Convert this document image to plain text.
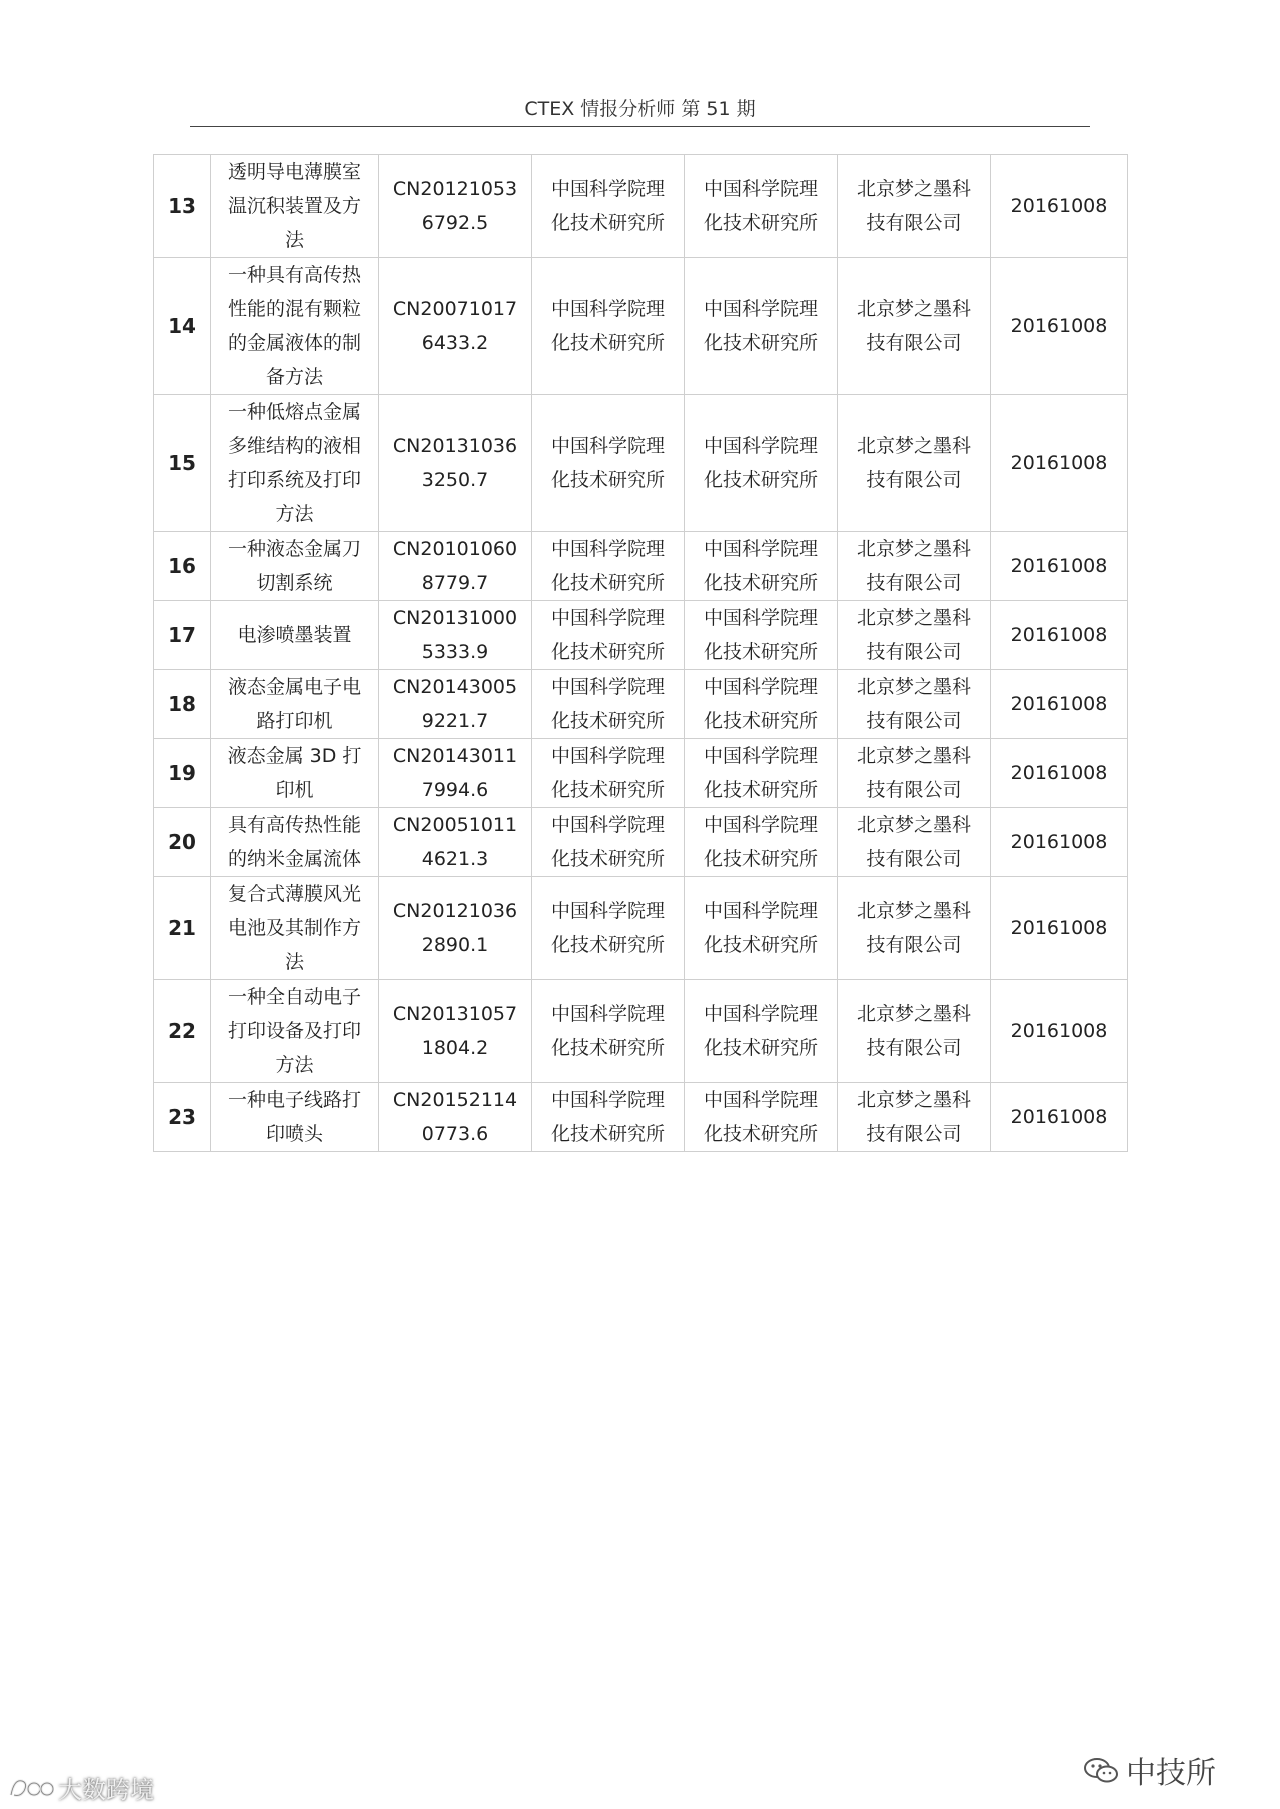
CTEX 情报分析师 第 51 期
13	透明导电薄膜室温沉积装置及方法	CN201210536792.5	中国科学院理化技术研究所	中国科学院理化技术研究所	北京梦之墨科技有限公司	20161008
14	一种具有高传热性能的混有颗粒的金属液体的制备方法	CN200710176433.2	中国科学院理化技术研究所	中国科学院理化技术研究所	北京梦之墨科技有限公司	20161008
15	一种低熔点金属多维结构的液相打印系统及打印方法	CN201310363250.7	中国科学院理化技术研究所	中国科学院理化技术研究所	北京梦之墨科技有限公司	20161008
16	一种液态金属刀切割系统	CN201010608779.7	中国科学院理化技术研究所	中国科学院理化技术研究所	北京梦之墨科技有限公司	20161008
17	电渗喷墨装置	CN201310005333.9	中国科学院理化技术研究所	中国科学院理化技术研究所	北京梦之墨科技有限公司	20161008
18	液态金属电子电路打印机	CN201430059221.7	中国科学院理化技术研究所	中国科学院理化技术研究所	北京梦之墨科技有限公司	20161008
19	液态金属 3D 打印机	CN201430117994.6	中国科学院理化技术研究所	中国科学院理化技术研究所	北京梦之墨科技有限公司	20161008
20	具有高传热性能的纳米金属流体	CN200510114621.3	中国科学院理化技术研究所	中国科学院理化技术研究所	北京梦之墨科技有限公司	20161008
21	复合式薄膜风光电池及其制作方法	CN201210362890.1	中国科学院理化技术研究所	中国科学院理化技术研究所	北京梦之墨科技有限公司	20161008
22	一种全自动电子打印设备及打印方法	CN201310571804.2	中国科学院理化技术研究所	中国科学院理化技术研究所	北京梦之墨科技有限公司	20161008
23	一种电子线路打印喷头	CN201521140773.6	中国科学院理化技术研究所	中国科学院理化技术研究所	北京梦之墨科技有限公司	20161008
中技所
大数跨境
